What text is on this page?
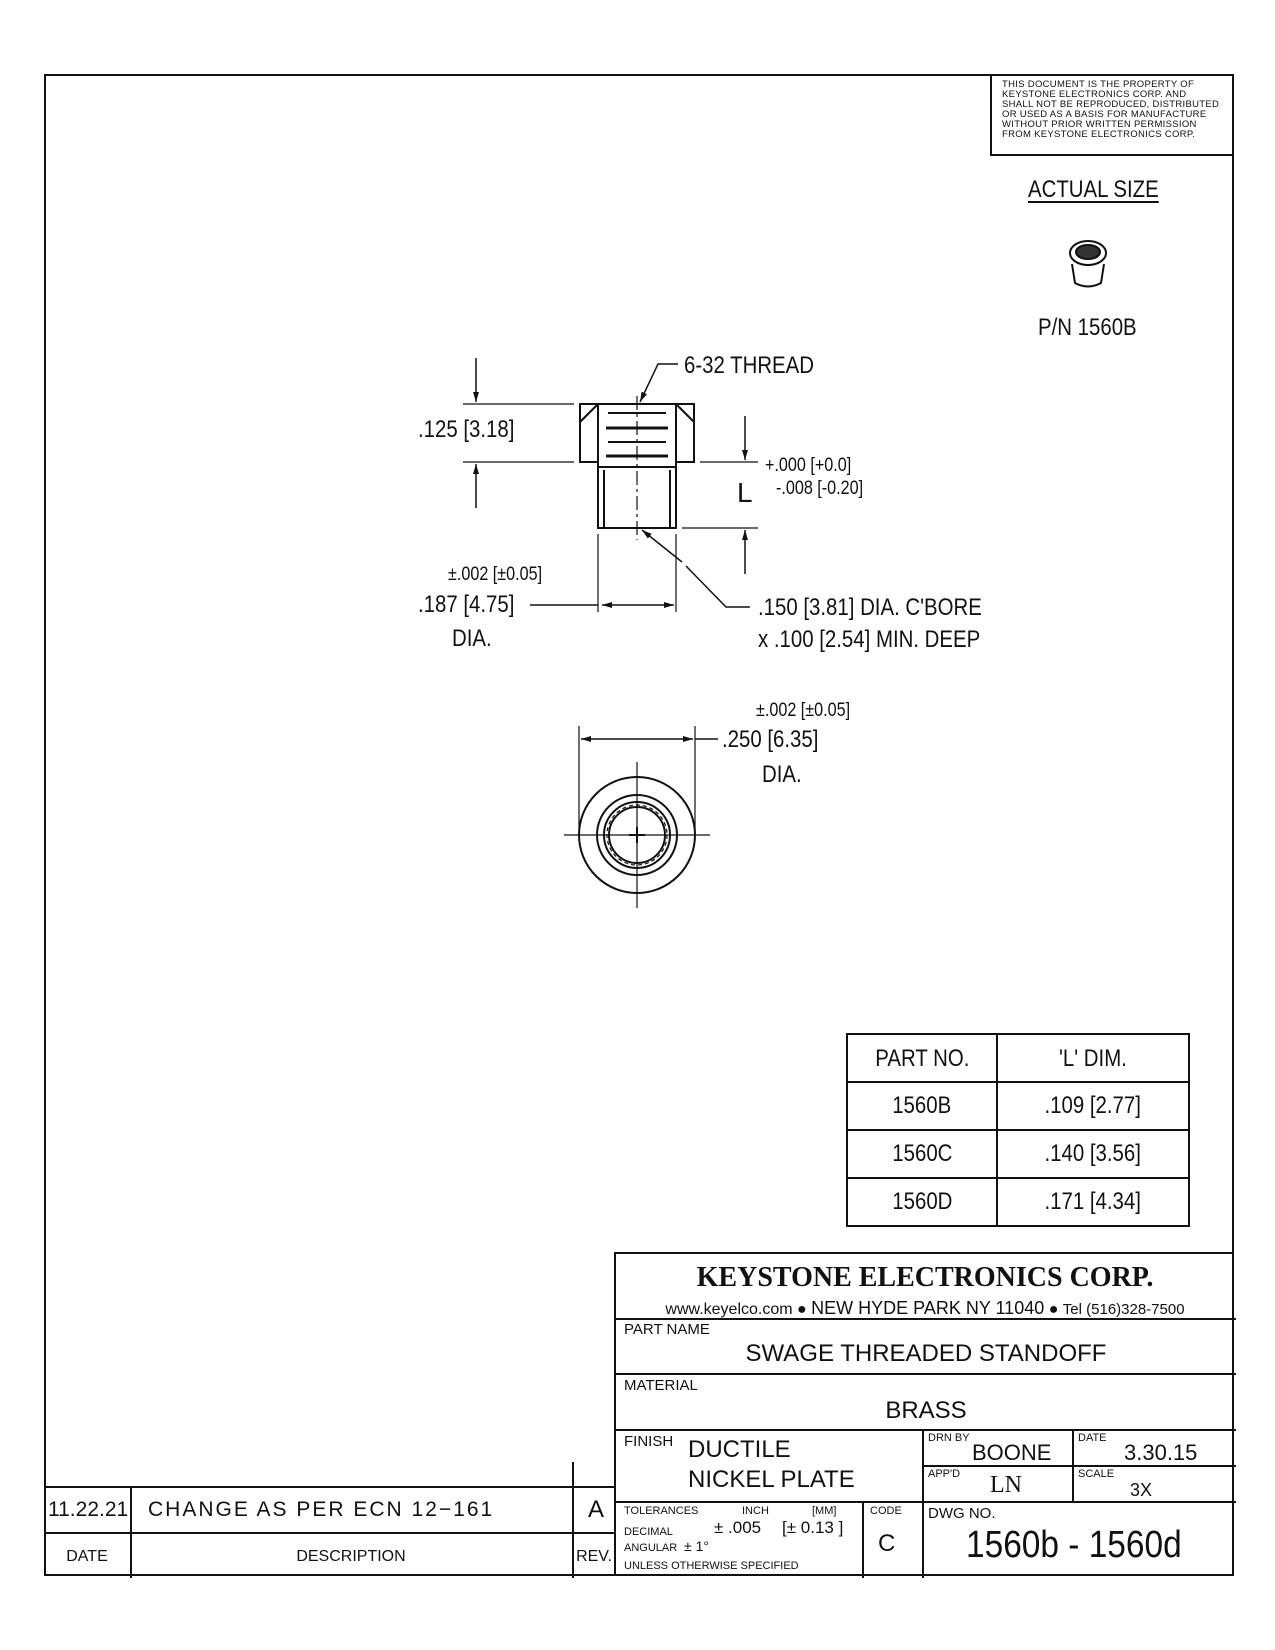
THIS DOCUMENT IS THE PROPERTY OF
KEYSTONE ELECTRONICS CORP. AND
SHALL NOT BE REPRODUCED, DISTRIBUTED
OR USED AS A BASIS FOR MANUFACTURE
WITHOUT PRIOR WRITTEN PERMISSION
FROM KEYSTONE ELECTRONICS CORP.
ACTUAL SIZE
P/N 1560B
.125 [3.18]
6-32 THREAD
+.000 [+0.0]
L -.008 [-0.20]
±.002 [±0.05]
.187 [4.75]
DIA.
.150 [3.81] DIA. C'BORE
x .100 [2.54] MIN. DEEP
±.002 [±0.05]
.250 [6.35]
DIA.
PART NO.	'L' DIM.
1560B	.109 [2.77]
1560C	.140 [3.56]
1560D	.171 [4.34]
KEYSTONE ELECTRONICS CORP.
www.keyelco.com ● NEW HYDE PARK NY 11040 ● Tel (516)328-7500
PART NAME
SWAGE THREADED STANDOFF
MATERIAL
BRASS
FINISH DUCTILE
NICKEL PLATE
DRN BY
BOONE
DATE
3.30.15
APP'D LN	SCALE
3X
TOLERANCES	INCH	[MM]	CODE
DECIMAL ± .005 [± 0.13 ]
ANGULAR ± 1°
UNLESS OTHERWISE SPECIFIED
C
DWG NO.
1560b - 1560d
11.22.21 CHANGE AS PER ECN 12−161	A
DATE	DESCRIPTION	REV.
